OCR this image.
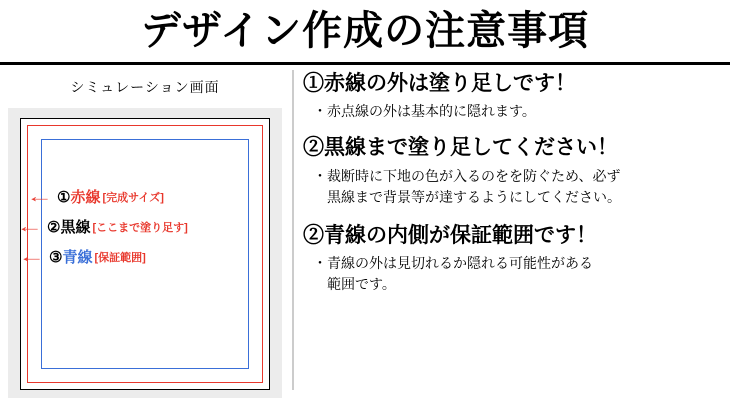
デザイン作成の注意事項
シミュレーション画面
← ① 赤線 [完成サイズ]
← ② 黒線 [ここまで塗り足す]
← ③ 青線 [保証範囲]
①赤線の外は塗り足しです！
・赤点線の外は基本的に隠れます。
②黒線まで塗り足してください！
・裁断時に下地の色が入るのをを防ぐため、必ず
黒線まで背景等が達するようにしてください。
②青線の内側が保証範囲です！
・青線の外は見切れるか隠れる可能性がある
範囲です。
